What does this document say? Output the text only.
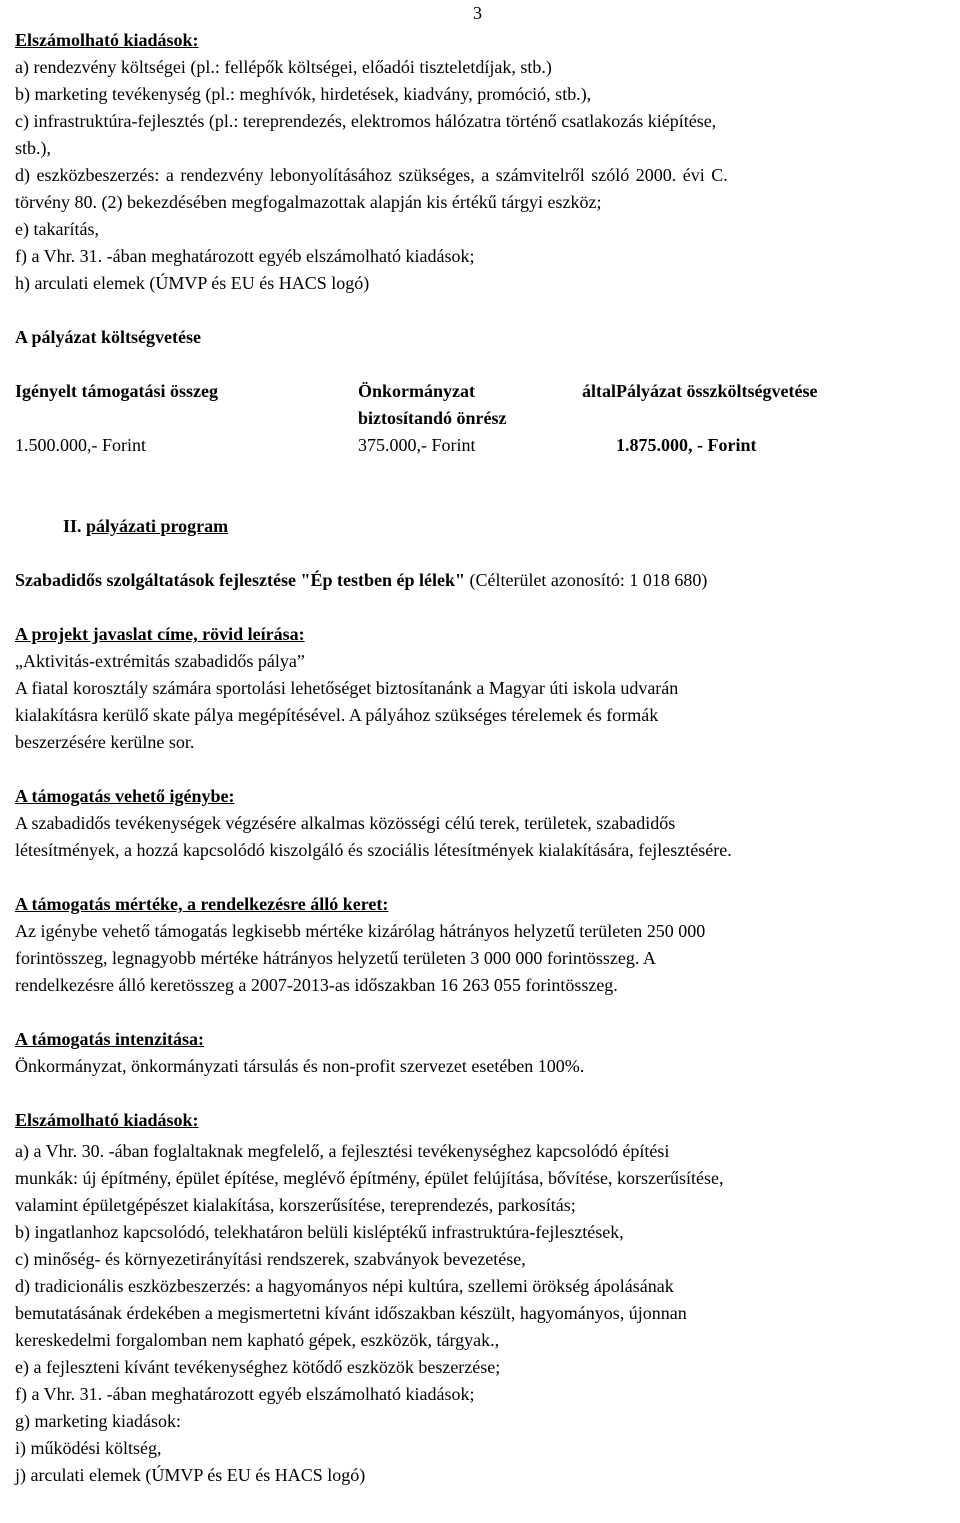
3
Elszámolható kiadások:
a) rendezvény költségei (pl.: fellépők költségei, előadói tiszteletdíjak, stb.)
b) marketing tevékenység (pl.: meghívók, hirdetések, kiadvány, promóció, stb.),
c) infrastruktúra-fejlesztés (pl.: tereprendezés, elektromos hálózatra történő csatlakozás kiépítése,
stb.),
d) eszközbeszerzés: a rendezvény lebonyolításához szükséges, a számvitelről szóló 2000. évi C.
törvény 80. (2) bekezdésében megfogalmazottak alapján kis értékű tárgyi eszköz;
e) takarítás,
f) a Vhr. 31. -ában meghatározott egyéb elszámolható kiadások;
h) arculati elemek (ÚMVP és EU és HACS logó)
A pályázat költségvetése
Igényelt támogatási összeg	Önkormányzat által
biztosítandó önrész	Pályázat összköltségvetése
1.500.000,- Forint	375.000,- Forint	1.875.000, - Forint
II. pályázati program
Szabadidős szolgáltatások fejlesztése "Ép testben ép lélek" (Célterület azonosító: 1 018 680)
A projekt javaslat címe, rövid leírása:
„Aktivitás-extrémitás szabadidős pálya”
A fiatal korosztály számára sportolási lehetőséget biztosítanánk a Magyar úti iskola udvarán
kialakításra kerülő skate pálya megépítésével. A pályához szükséges térelemek és formák
beszerzésére kerülne sor.
A támogatás vehető igénybe:
A szabadidős tevékenységek végzésére alkalmas közösségi célú terek, területek, szabadidős
létesítmények, a hozzá kapcsolódó kiszolgáló és szociális létesítmények kialakítására, fejlesztésére.
A támogatás mértéke, a rendelkezésre álló keret:
Az igénybe vehető támogatás legkisebb mértéke kizárólag hátrányos helyzetű területen 250 000
forintösszeg, legnagyobb mértéke hátrányos helyzetű területen 3 000 000 forintösszeg. A
rendelkezésre álló keretösszeg a 2007-2013-as időszakban 16 263 055 forintösszeg.
A támogatás intenzitása:
Önkormányzat, önkormányzati társulás és non-profit szervezet esetében 100%.
Elszámolható kiadások:
a) a Vhr. 30. -ában foglaltaknak megfelelő, a fejlesztési tevékenységhez kapcsolódó építési
munkák: új építmény, épület építése, meglévő építmény, épület felújítása, bővítése, korszerűsítése,
valamint épületgépészet kialakítása, korszerűsítése, tereprendezés, parkosítás;
b) ingatlanhoz kapcsolódó, telekhatáron belüli kisléptékű infrastruktúra-fejlesztések,
c) minőség- és környezetirányítási rendszerek, szabványok bevezetése,
d) tradicionális eszközbeszerzés: a hagyományos népi kultúra, szellemi örökség ápolásának
bemutatásának érdekében a megismertetni kívánt időszakban készült, hagyományos, újonnan
kereskedelmi forgalomban nem kapható gépek, eszközök, tárgyak.,
e) a fejleszteni kívánt tevékenységhez kötődő eszközök beszerzése;
f) a Vhr. 31. -ában meghatározott egyéb elszámolható kiadások;
g) marketing kiadások:
i) működési költség,
j) arculati elemek (ÚMVP és EU és HACS logó)
